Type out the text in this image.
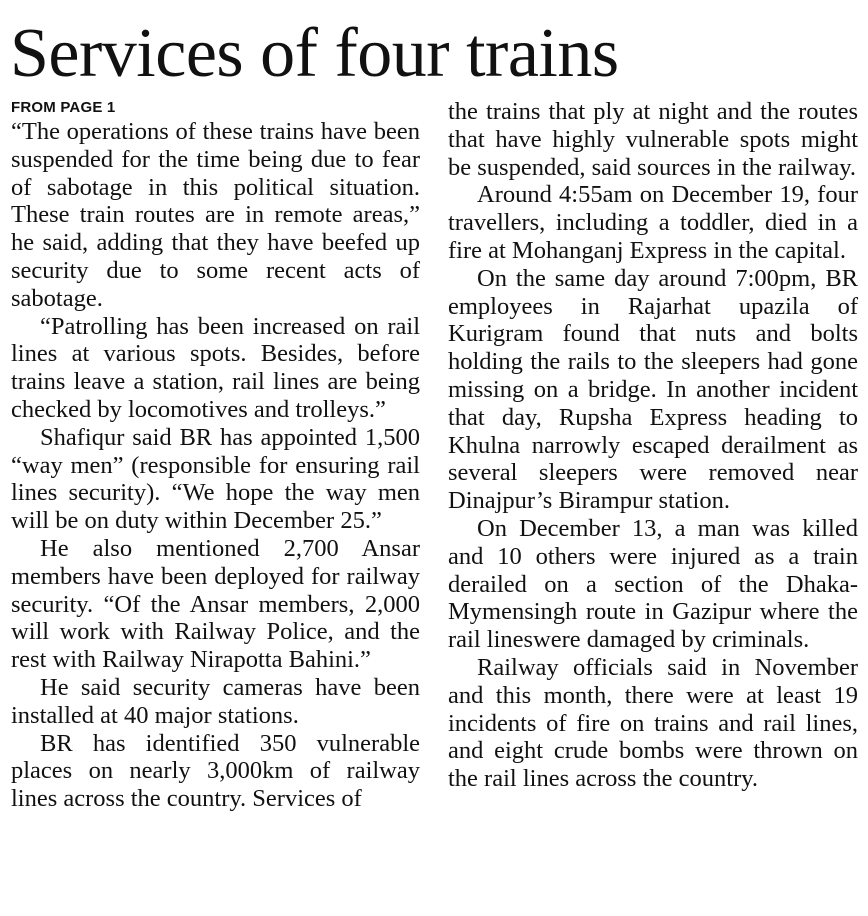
Services of four trains
FROM PAGE 1

“The operations of these trains have been suspended for the time being due to fear of sabotage in this political situation. These train routes are in remote areas,” he said, adding that they have beefed up security due to some recent acts of sabotage.

“Patrolling has been increased on rail lines at various spots. Besides, before trains leave a station, rail lines are being checked by locomotives and trolleys.”

Shafiqur said BR has appointed 1,500 “way men” (responsible for ensuring rail lines security). “We hope the way men will be on duty within December 25.”

He also mentioned 2,700 Ansar members have been deployed for railway security. “Of the Ansar members, 2,000 will work with Railway Police, and the rest with Railway Nirapotta Bahini.”

He said security cameras have been installed at 40 major stations.

BR has identified 350 vulnerable places on nearly 3,000km of railway lines across the country. Services of

the trains that ply at night and the routes that have highly vulnerable spots might be suspended, said sources in the railway.

Around 4:55am on December 19, four travellers, including a toddler, died in a fire at Mohanganj Express in the capital.

On the same day around 7:00pm, BR employees in Rajarhat upazila of Kurigram found that nuts and bolts holding the rails to the sleepers had gone missing on a bridge. In another incident that day, Rupsha Express heading to Khulna narrowly escaped derailment as several sleepers were removed near Dinajpur’s Birampur station.

On December 13, a man was killed and 10 others were injured as a train derailed on a section of the Dhaka-Mymensingh route in Gazipur where the rail lineswere damaged by criminals.

Railway officials said in November and this month, there were at least 19 incidents of fire on trains and rail lines, and eight crude bombs were thrown on the rail lines across the country.
